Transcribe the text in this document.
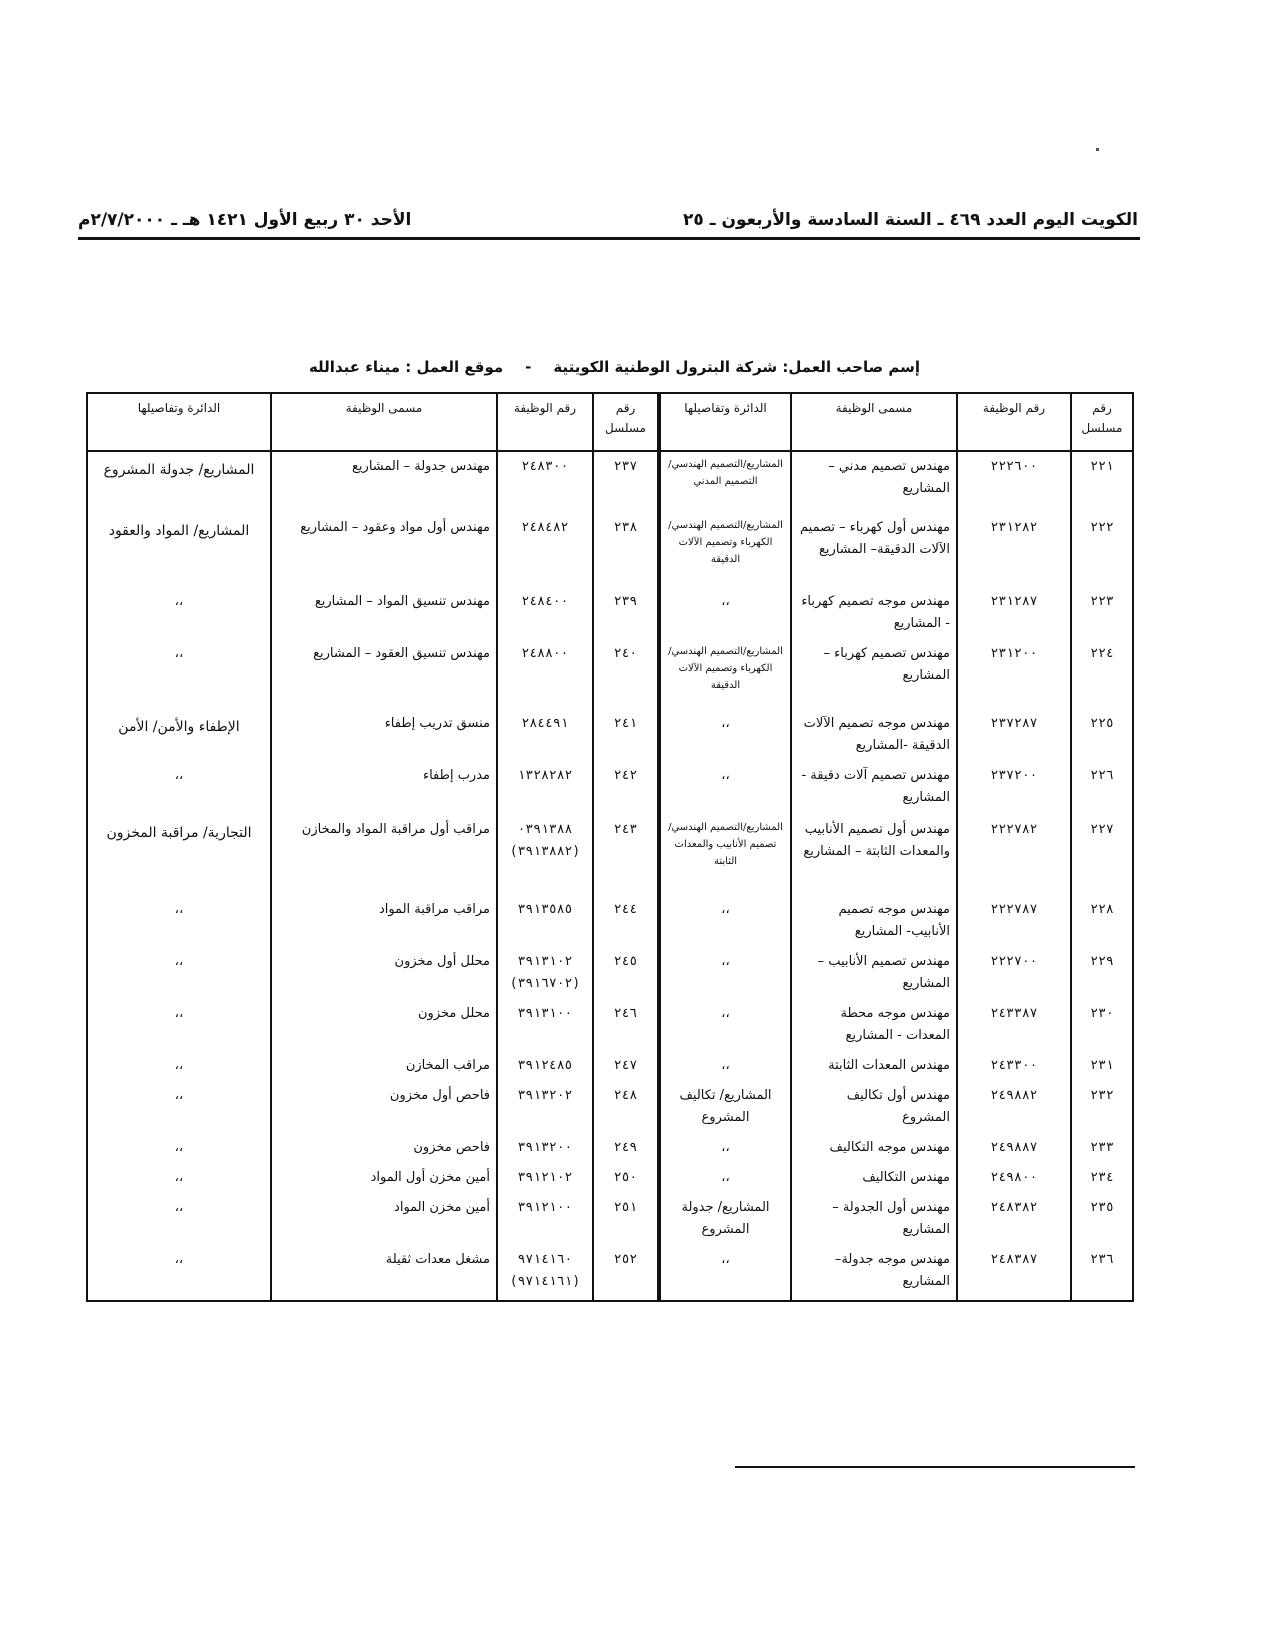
الكويت اليوم العدد ٤٦٩ ـ السنة السادسة والأربعون ـ ٢٥
الأحد ٣٠ ربيع الأول ١٤٢١ هـ ـ ٢/٧/٢٠٠٠م
إسم صاحب العمل: شركة البترول الوطنية الكويتية-موقع العمل : ميناء عبدالله
رقم مسلسل	رقم الوظيفة	مسمى الوظيفة	الدائرة وتفاصيلها	رقم مسلسل	رقم الوظيفة	مسمى الوظيفة	الدائرة وتفاصيلها
٢٢١	٢٢٢٦٠٠	مهندس تصميم مدني – المشاريع	المشاريع/التصميم الهندسي/التصميم المدني	٢٣٧	٢٤٨٣٠٠	مهندس جدولة – المشاريع	المشاريع/ جدولة المشروع
٢٢٢	٢٣١٢٨٢	مهندس أول كهرباء – تصميم الآلات الدقيقة– المشاريع	المشاريع/التصميم الهندسي/الكهرباء وتصميم الآلات الدقيقة	٢٣٨	٢٤٨٤٨٢	مهندس أول مواد وعقود – المشاريع	المشاريع/ المواد والعقود
٢٢٣	٢٣١٢٨٧	مهندس موجه تصميم كهرباء - المشاريع	،،	٢٣٩	٢٤٨٤٠٠	مهندس تنسيق المواد – المشاريع	،،
٢٢٤	٢٣١٢٠٠	مهندس تصميم كهرباء – المشاريع	المشاريع/التصميم الهندسي/الكهرباء وتصميم الآلات الدقيقة	٢٤٠	٢٤٨٨٠٠	مهندس تنسيق العقود – المشاريع	،،
٢٢٥	٢٣٧٢٨٧	مهندس موجه تصميم الآلات الدقيقة -المشاريع	،،	٢٤١	٢٨٤٤٩١	منسق تدريب إطفاء	الإطفاء والأمن/ الأمن
٢٢٦	٢٣٧٢٠٠	مهندس تصميم آلات دقيقة - المشاريع	،،	٢٤٢	١٣٢٨٢٨٢	مدرب إطفاء	،،
٢٢٧	٢٢٢٧٨٢	مهندس أول تصميم الأنابيب والمعدات الثابتة – المشاريع	المشاريع/التصميم الهندسي/تصميم الأنابيب والمعدات الثابتة	٢٤٣	٠٣٩١٣٨٨ (٣٩١٣٨٨٢)	مراقب أول مراقبة المواد والمخازن	التجارية/ مراقبة المخزون
٢٢٨	٢٢٢٧٨٧	مهندس موجه تصميم الأنابيب- المشاريع	،،	٢٤٤	٣٩١٣٥٨٥	مراقب مراقبة المواد	،،
٢٢٩	٢٢٢٧٠٠	مهندس تصميم الأنابيب – المشاريع	،،	٢٤٥	٣٩١٣١٠٢ (٣٩١٦٧٠٢)	محلل أول مخزون	،،
٢٣٠	٢٤٣٣٨٧	مهندس موجه محطة المعدات - المشاريع	،،	٢٤٦	٣٩١٣١٠٠	محلل مخزون	،،
٢٣١	٢٤٣٣٠٠	مهندس المعدات الثابتة	،،	٢٤٧	٣٩١٢٤٨٥	مراقب المخازن	،،
٢٣٢	٢٤٩٨٨٢	مهندس أول تكاليف المشروع	المشاريع/ تكاليف المشروع	٢٤٨	٣٩١٣٢٠٢	فاحص أول مخزون	،،
٢٣٣	٢٤٩٨٨٧	مهندس موجه التكاليف	،،	٢٤٩	٣٩١٣٢٠٠	فاحص مخزون	،،
٢٣٤	٢٤٩٨٠٠	مهندس التكاليف	،،	٢٥٠	٣٩١٢١٠٢	أمين مخزن أول المواد	،،
٢٣٥	٢٤٨٣٨٢	مهندس أول الجدولة – المشاريع	المشاريع/ جدولة المشروع	٢٥١	٣٩١٢١٠٠	أمين مخزن المواد	،،
٢٣٦	٢٤٨٣٨٧	مهندس موجه جدولة– المشاريع	،،	٢٥٢	٩٧١٤١٦٠ (٩٧١٤١٦١)	مشغل معدات ثقيلة	،،
